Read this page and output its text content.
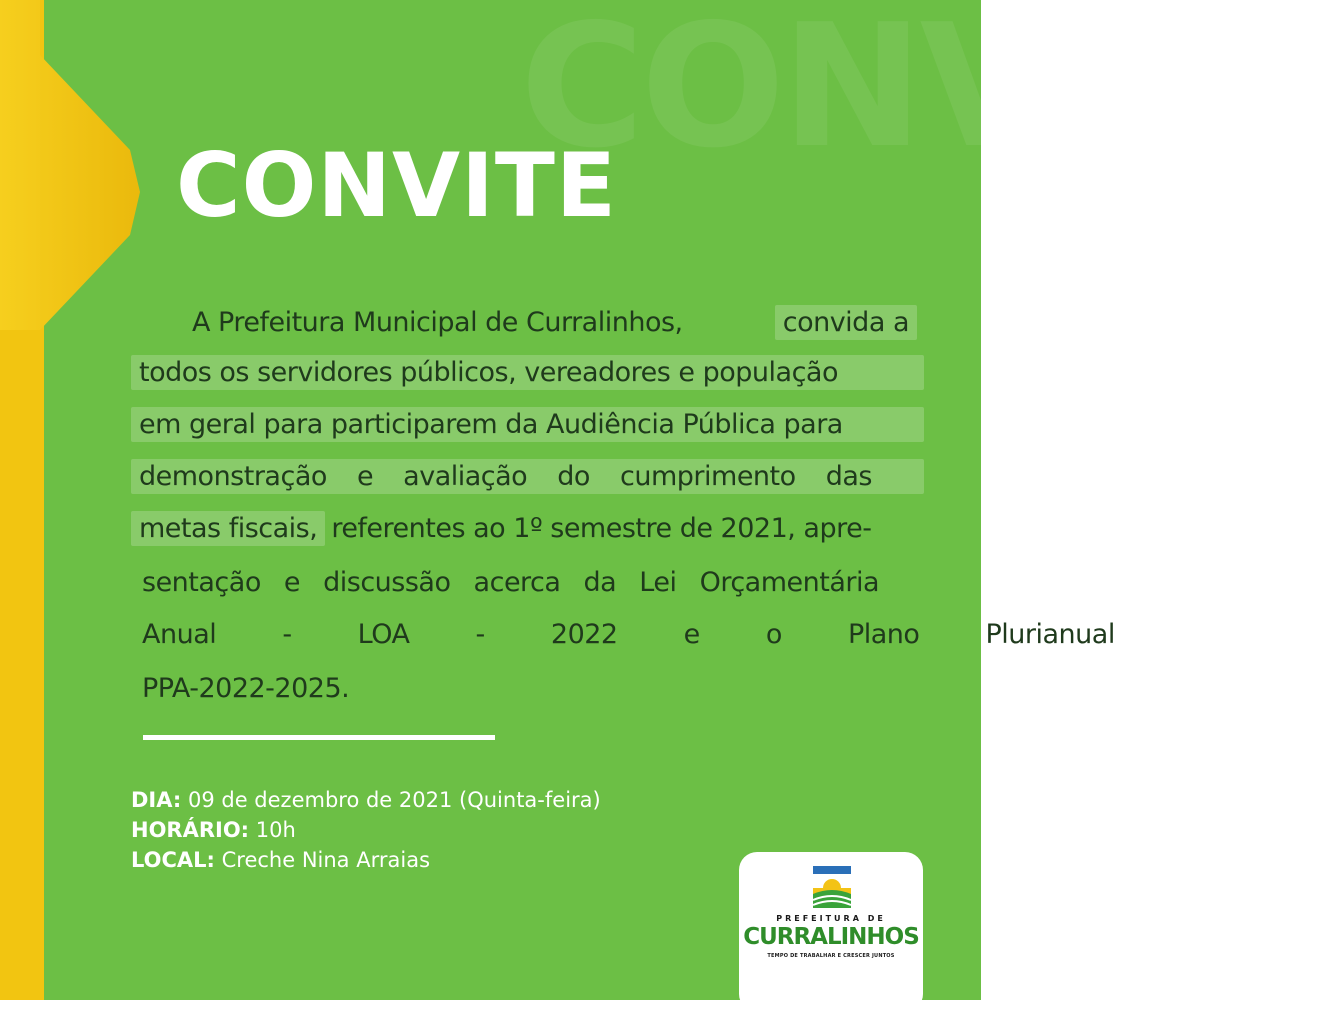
CONVITE
CONVITE
A Prefeitura Municipal de Curralinhos,	convida a
todos os servidores públicos, vereadores e população
em geral para participarem da Audiência Pública para
demonstração e avaliação do cumprimento das
metas fiscais, referentes ao 1º semestre de 2021, apre-
sentação e discussão acerca da Lei Orçamentária
Anual - LOA - 2022 e o Plano Plurianual
PPA-2022-2025.
DIA: 09 de dezembro de 2021 (Quinta-feira)
HORÁRIO: 10h
LOCAL: Creche Nina Arraias
PREFEITURA DE
CURRALINHOS
TEMPO DE TRABALHAR E CRESCER JUNTOS
